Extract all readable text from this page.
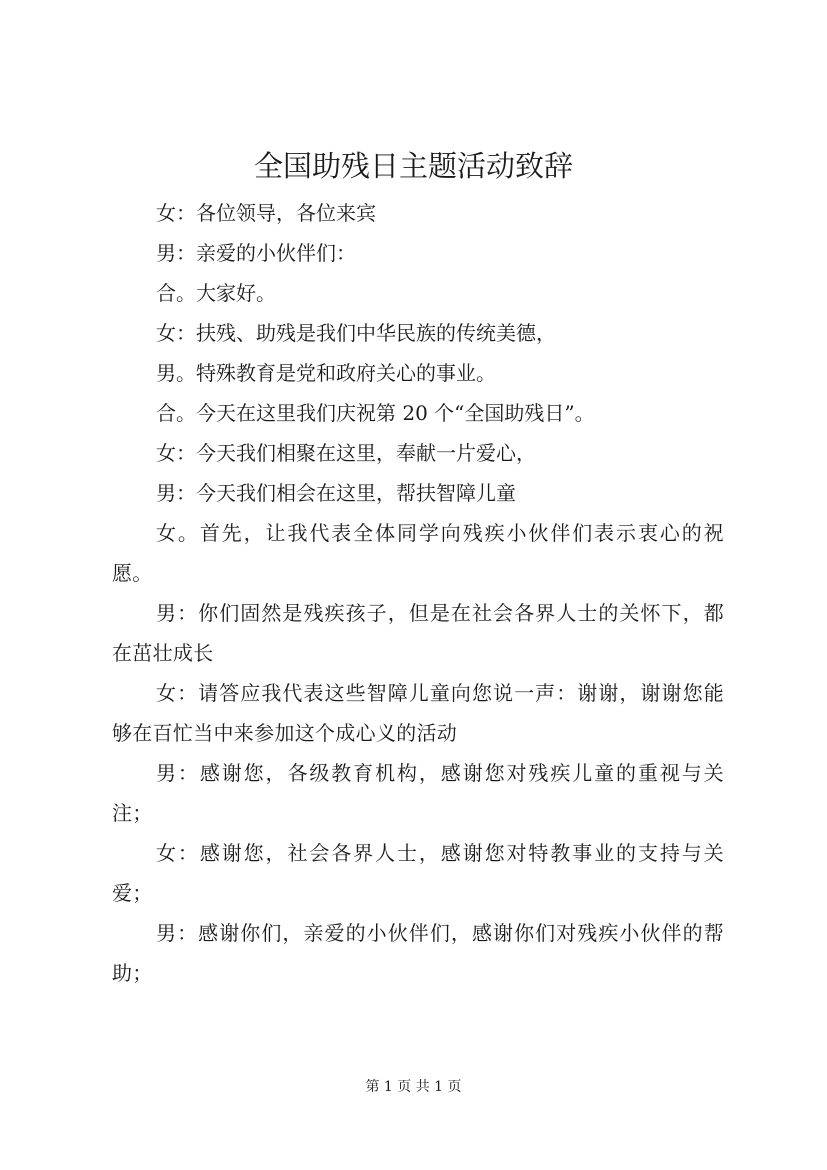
全国助残日主题活动致辞

女：各位领导，各位来宾

男：亲爱的小伙伴们：

合。大家好。

女：扶残、助残是我们中华民族的传统美德，

男。特殊教育是党和政府关心的事业。

合。今天在这里我们庆祝第 20 个“全国助残日”。

女：今天我们相聚在这里，奉献一片爱心，

男：今天我们相会在这里，帮扶智障儿童

女。首先，让我代表全体同学向残疾小伙伴们表示衷心的祝愿。

男：你们固然是残疾孩子，但是在社会各界人士的关怀下，都在茁壮成长

女：请答应我代表这些智障儿童向您说一声：谢谢，谢谢您能够在百忙当中来参加这个成心义的活动

男：感谢您，各级教育机构，感谢您对残疾儿童的重视与关注；

女：感谢您，社会各界人士，感谢您对特教事业的支持与关爱；

男：感谢你们，亲爱的小伙伴们，感谢你们对残疾小伙伴的帮助；

第 1 页 共 1 页
